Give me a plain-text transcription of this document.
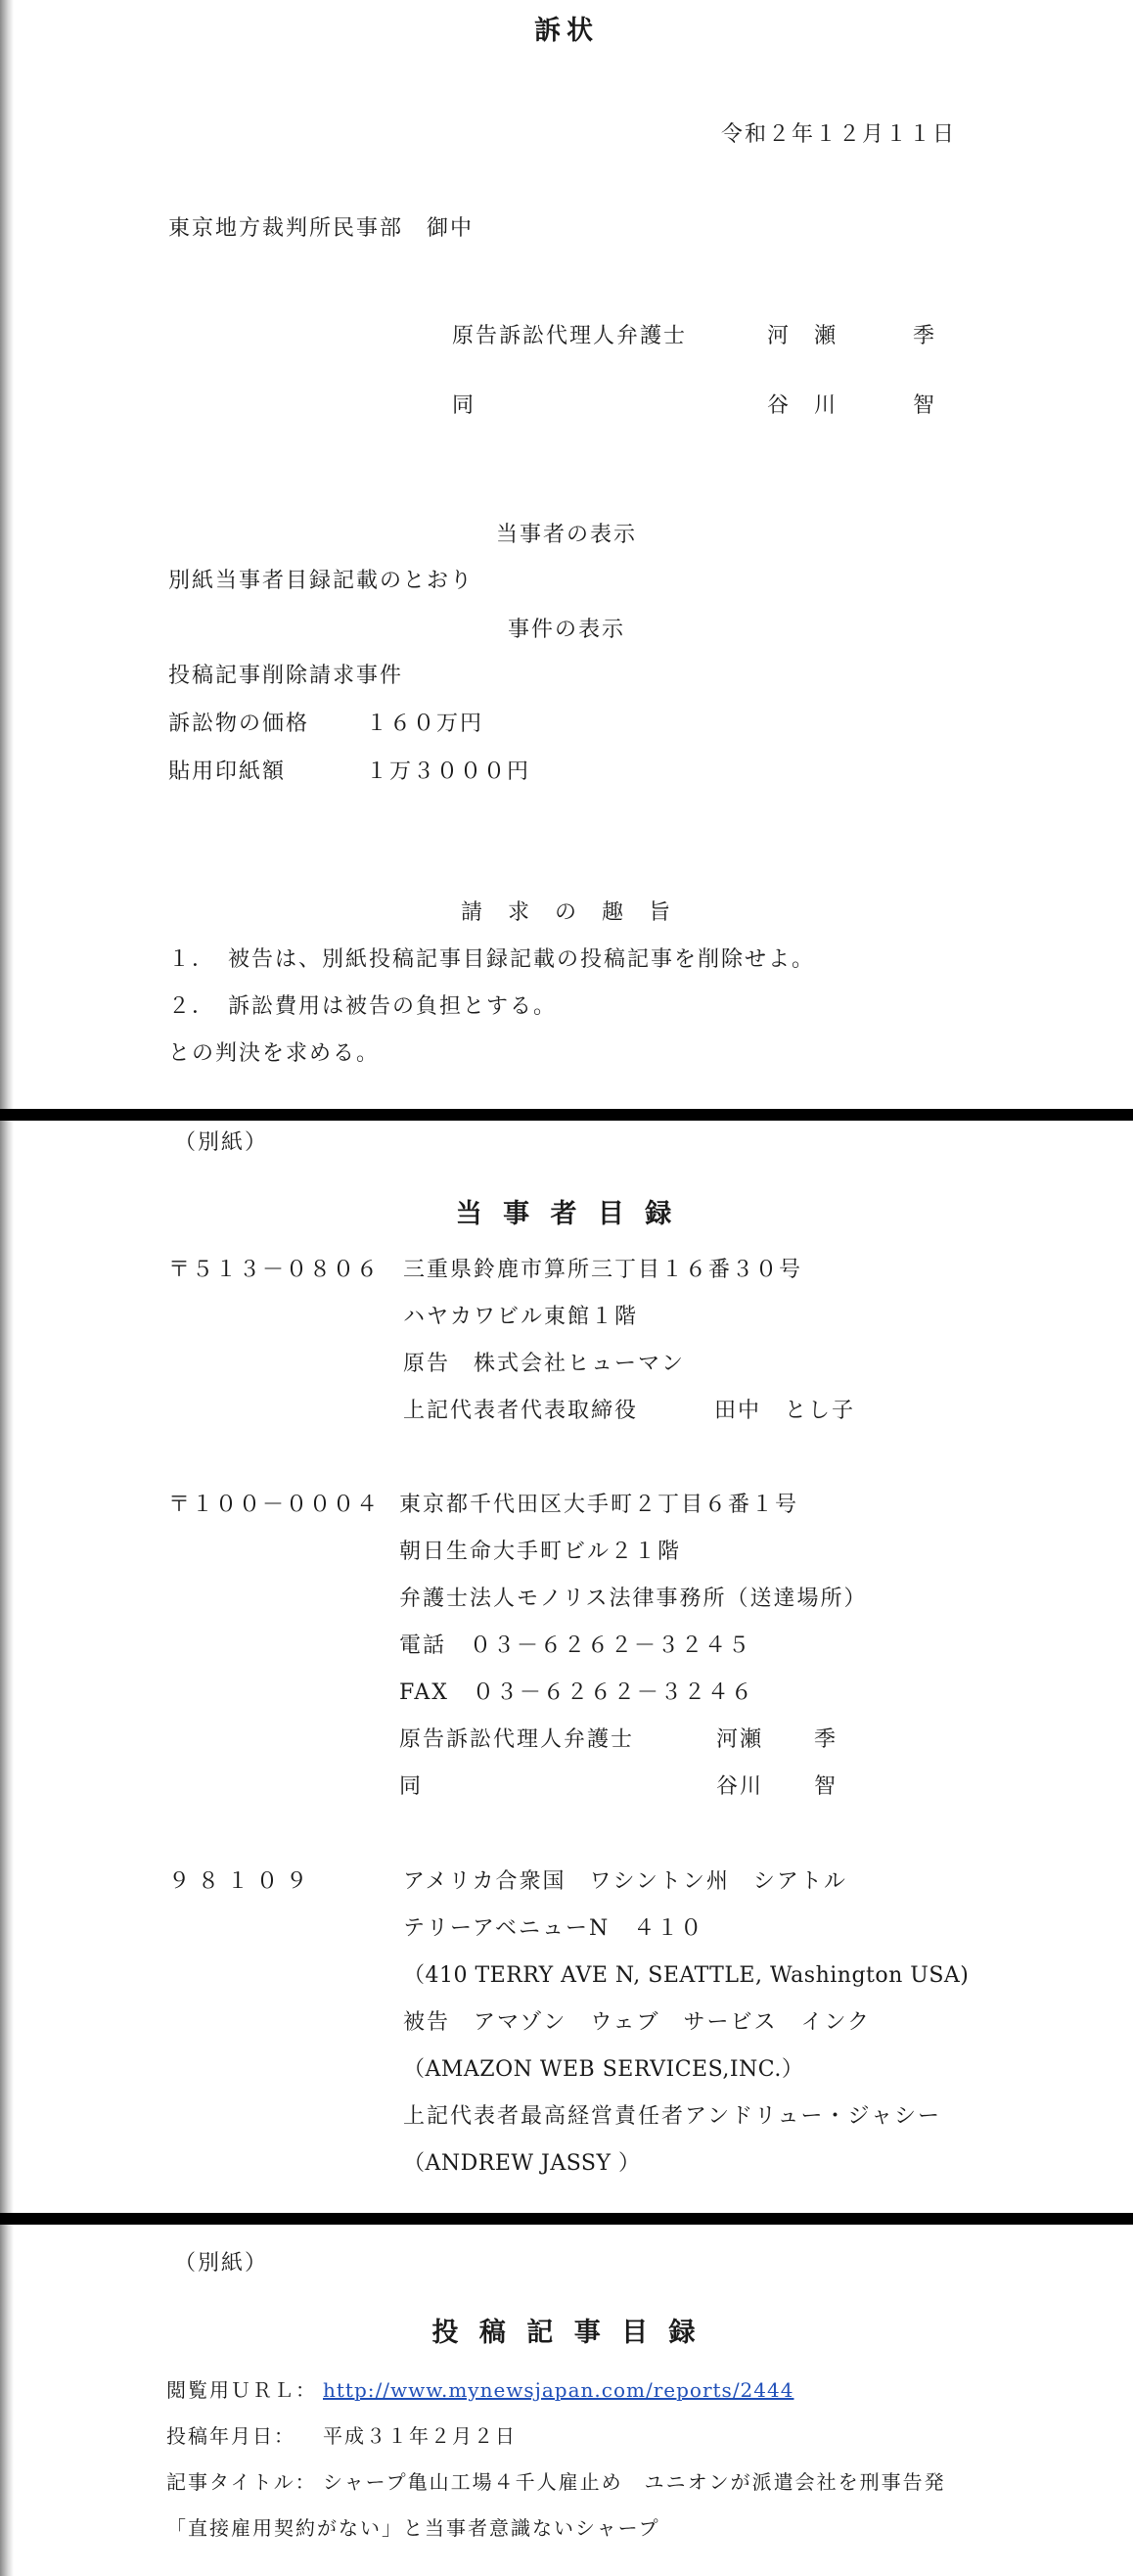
訴状
令和２年１２月１１日
東京地方裁判所民事部　御中
原告訴訟代理人弁護士	河　瀬	季
同	谷　川	智
当事者の表示
別紙当事者目録記載のとおり
事件の表示
投稿記事削除請求事件
訴訟物の価格	１６０万円
貼用印紙額	１万３０００円
請　求　の　趣　旨
１．　被告は、別紙投稿記事目録記載の投稿記事を削除せよ。
２．　訴訟費用は被告の負担とする。
との判決を求める。
（別紙）
当 事 者 目 録
〒５１３－０８０６ 三重県鈴鹿市算所三丁目１６番３０号
ハヤカワビル東館１階
原告　株式会社ヒューマン
上記代表者代表取締役	田中　とし子
〒１００－０００４ 東京都千代田区大手町２丁目６番１号
朝日生命大手町ビル２１階
弁護士法人モノリス法律事務所（送達場所）
電話　０３－６２６２－３２４５
FAX　０３－６２６２－３２４６
原告訴訟代理人弁護士	河瀬 季
同	谷川 智
９８１０９	アメリカ合衆国　ワシントン州　シアトル
テリーアベニューN　４１０
（410 TERRY AVE N, SEATTLE, Washington USA)
被告　アマゾン　ウェブ　サービス　インク
（AMAZON WEB SERVICES,INC.）
上記代表者最高経営責任者アンドリュー・ジャシー
（ANDREW JASSY ）
（別紙）
投 稿 記 事 目 録
閲覧用ＵＲＬ： http://www.mynewsjapan.com/reports/2444
投稿年月日： 平成３１年２月２日
記事タイトル： シャープ亀山工場４千人雇止め　ユニオンが派遣会社を刑事告発
「直接雇用契約がない」と当事者意識ないシャープ
